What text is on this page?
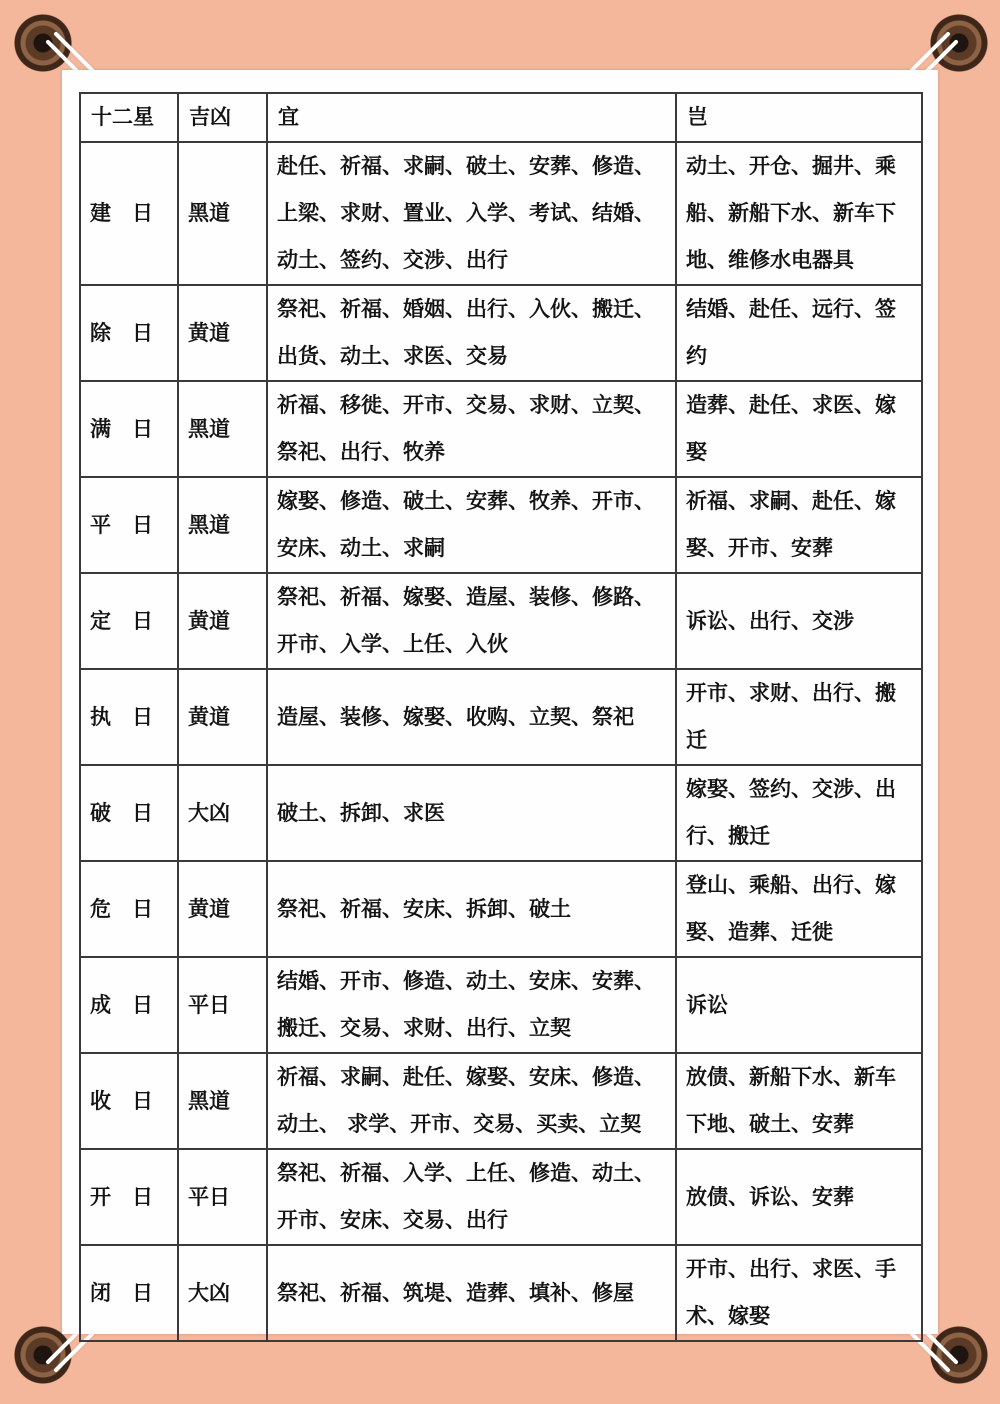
十二星	吉凶	宜	岂
建　日	黑道	赴任、祈福、求嗣、破土、安葬、修造、上梁、求财、置业、入学、考试、结婚、动土、签约、交涉、出行	动土、开仓、掘井、乘船、新船下水、新车下地、维修水电器具
除　日	黄道	祭祀、祈福、婚姻、出行、入伙、搬迁、出货、动土、求医、交易	结婚、赴任、远行、签约
满　日	黑道	祈福、移徙、开市、交易、求财、立契、祭祀、出行、牧养	造葬、赴任、求医、嫁娶
平　日	黑道	嫁娶、修造、破土、安葬、牧养、开市、安床、动土、求嗣	祈福、求嗣、赴任、嫁娶、开市、安葬
定　日	黄道	祭祀、祈福、嫁娶、造屋、装修、修路、开市、入学、上任、入伙	诉讼、出行、交涉
执　日	黄道	造屋、装修、嫁娶、收购、立契、祭祀	开市、求财、出行、搬迁
破　日	大凶	破土、拆卸、求医	嫁娶、签约、交涉、出行、搬迁
危　日	黄道	祭祀、祈福、安床、拆卸、破土	登山、乘船、出行、嫁娶、造葬、迁徙
成　日	平日	结婚、开市、修造、动土、安床、安葬、搬迁、交易、求财、出行、立契	诉讼
收　日	黑道	祈福、求嗣、赴任、嫁娶、安床、修造、动土、 求学、开市、交易、买卖、立契	放债、新船下水、新车下地、破土、安葬
开　日	平日	祭祀、祈福、入学、上任、修造、动土、开市、安床、交易、出行	放债、诉讼、安葬
闭　日	大凶	祭祀、祈福、筑堤、造葬、填补、修屋	开市、出行、求医、手术、嫁娶
